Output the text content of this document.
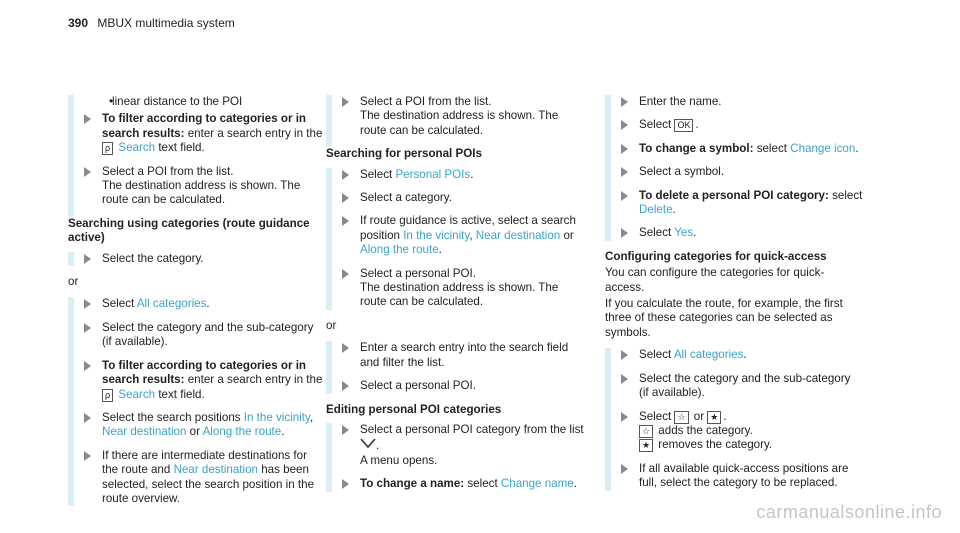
390 MBUX multimedia system
•
linear distance to the POI
To filter according to categories or in search results: enter a search entry in the
ρ Search text field.
Select a POI from the list.
The destination address is shown. The route can be calculated.
Searching using categories (route guidance active)
Select the category.
or
Select All categories.
Select the category and the sub-category (if available).
To filter according to categories or in search results: enter a search entry in the
ρ Search text field.
Select the search positions In the vicinity, Near destination or Along the route.
If there are intermediate destinations for the route and Near destination has been selected, select the search position in the route overview.
Select a POI from the list.
The destination address is shown. The route can be calculated.
Searching for personal POIs
Select Personal POIs.
Select a category.
If route guidance is active, select a search position In the vicinity, Near destination or Along the route.
Select a personal POI.
The destination address is shown. The route can be calculated.
or
Enter a search entry into the search field and filter the list.
Select a personal POI.
Editing personal POI categories
Select a personal POI category from the list
.
A menu opens.
To change a name: select Change name.
Enter the name.
Select OK .
To change a symbol: select Change icon.
Select a symbol.
To delete a personal POI category: select Delete.
Select Yes.
Configuring categories for quick-access
You can configure the categories for quick-access.
If you calculate the route, for example, the first three of these categories can be selected as symbols.
Select All categories.
Select the category and the sub-category (if available).
Select ☆ or ★ .
☆ adds the category.
★ removes the category.
If all available quick-access positions are full, select the category to be replaced.
carmanualsonline.info
